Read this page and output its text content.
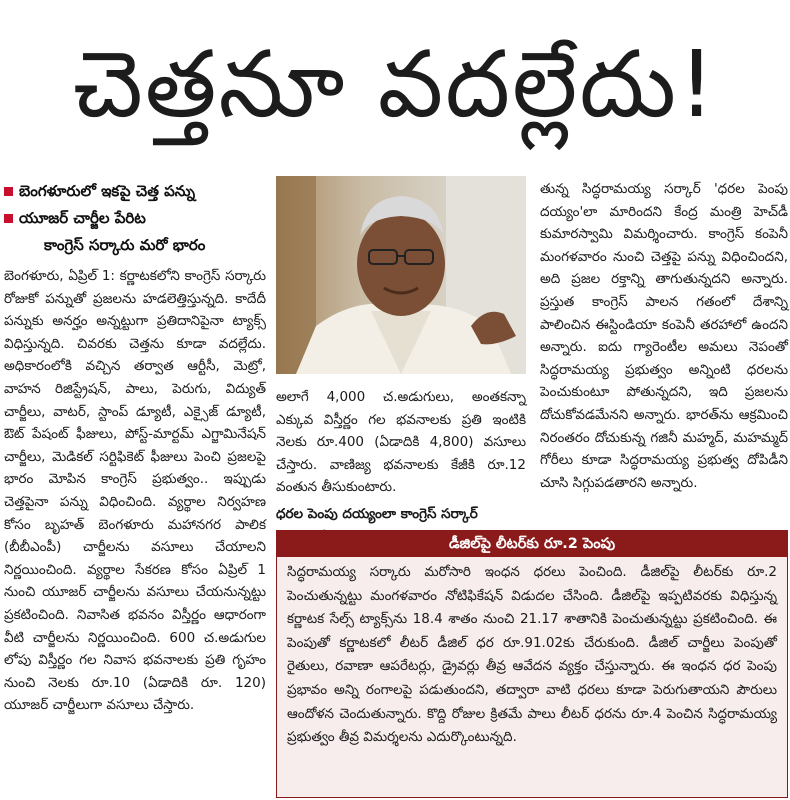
చెత్తనూ వదల్లేదు!
బెంగళూరులో ఇకపై చెత్త పన్ను
యూజర్ చార్జీల పేరిట
కాంగ్రెస్ సర్కారు మరో భారం

బెంగళూరు, ఏప్రిల్ 1: కర్ణాటకలోని కాంగ్రెస్ సర్కారు రోజుకో పన్నుతో ప్రజలను హడలెత్తిస్తున్నది. కాదేదీ పన్నుకు అనర్హం అన్నట్టుగా ప్రతిదానిపైనా ట్యాక్స్ విధిస్తున్నది. చివరకు చెత్తను కూడా వదల్లేదు. అధికారంలోకి వచ్చిన తర్వాత ఆర్టీసీ, మెట్రో, వాహన రిజిస్ట్రేషన్, పాలు, పెరుగు, విద్యుత్ చార్జీలు, వాటర్, స్టాంప్ డ్యూటీ, ఎక్సైజ్ డ్యూటీ, ఔట్ పేషంట్ ఫీజులు, పోస్ట్-మార్టమ్ ఎగ్జామినేషన్ చార్జీలు, మెడికల్ సర్టిఫికెట్ ఫీజులు పెంచి ప్రజలపై భారం మోపిన కాంగ్రెస్ ప్రభుత్వం.. ఇప్పుడు చెత్తపైనా పన్ను విధించింది. వ్యర్థాల నిర్వహణ కోసం బృహత్ బెంగళూరు మహానగర పాలిక (బీబీఎంపీ) చార్జీలను వసూలు చేయాలని నిర్ణయించింది. వ్యర్థాల సేకరణ కోసం ఏప్రిల్ 1 నుంచి యూజర్ చార్జీలను వసూలు చేయనున్నట్టు ప్రకటించింది. నివాసిత భవనం విస్తీర్ణం ఆధారంగా వీటి చార్జీలను నిర్ణయించింది. 600 చ.అడుగుల లోపు విస్తీర్ణం గల నివాస భవనాలకు ప్రతి గృహం నుంచి నెలకు రూ.10 (ఏడాదికి రూ. 120) యూజర్ చార్జీలుగా వసూలు చేస్తారు.

అలాగే 4,000 చ.అడుగులు, అంతకన్నా ఎక్కువ విస్తీర్ణం గల భవనాలకు ప్రతి ఇంటికి నెలకు రూ.400 (ఏడాదికి 4,800) వసూలు చేస్తారు. వాణిజ్య భవనాలకు కేజీకి రూ.12 వంతున తీసుకుంటారు.

ధరల పెంపు దయ్యంలా కాంగ్రెస్ సర్కార్

తున్న సిద్ధరామయ్య సర్కార్ 'ధరల పెంపు దయ్యం'లా మారిందని కేంద్ర మంత్రి హెచ్‌డీ కుమారస్వామి విమర్శించారు. కాంగ్రెస్ కంపెనీ మంగళవారం నుంచి చెత్తపై పన్ను విధించిందని, అది ప్రజల రక్తాన్ని తాగుతున్నదని అన్నారు. ప్రస్తుత కాంగ్రెస్ పాలన గతంలో దేశాన్ని పాలించిన ఈస్టిండియా కంపెనీ తరహాలో ఉందని అన్నారు. ఐదు గ్యారెంటీల అమలు నెపంతో సిద్ధరామయ్య ప్రభుత్వం అన్నింటి ధరలను పెంచుకుంటూ పోతున్నదని, ఇది ప్రజలను దోచుకోవడమేనని అన్నారు. భారత్‌ను ఆక్రమించి నిరంతరం దోచుకున్న గజినీ మహ్మద్, మహమ్మద్ గోరీలు కూడా సిద్ధరామయ్య ప్రభుత్వ దోపిడీని చూసి సిగ్గుపడతారని అన్నారు.

డీజిల్‌పై లీటర్‌కు రూ.2 పెంపు
సిద్ధరామయ్య సర్కారు మరోసారి ఇంధన ధరలు పెంచింది. డీజిల్‌పై లీటర్‌కు రూ.2 పెంచుతున్నట్టు మంగళవారం నోటిఫికేషన్ విడుదల చేసింది. డీజిల్‌పై ఇప్పటివరకు విధిస్తున్న కర్ణాటక సేల్స్ ట్యాక్స్‌ను 18.4 శాతం నుంచి 21.17 శాతానికి పెంచుతున్నట్టు ప్రకటించింది. ఈ పెంపుతో కర్ణాటకలో లీటర్ డీజిల్ ధర రూ.91.02కు చేరుకుంది. డీజిల్ చార్జీలు పెంపుతో రైతులు, రవాణా ఆపరేటర్లు, డ్రైవర్లు తీవ్ర ఆవేదన వ్యక్తం చేస్తున్నారు. ఈ ఇంధన ధర పెంపు ప్రభావం అన్ని రంగాలపై పడుతుందని, తద్వారా వాటి ధరలు కూడా పెరుగుతాయని పౌరులు ఆందోళన చెందుతున్నారు. కొద్ది రోజుల క్రితమే పాలు లీటర్ ధరను రూ.4 పెంచిన సిద్ధరామయ్య ప్రభుత్వం తీవ్ర విమర్శలను ఎదుర్కొంటున్నది.
